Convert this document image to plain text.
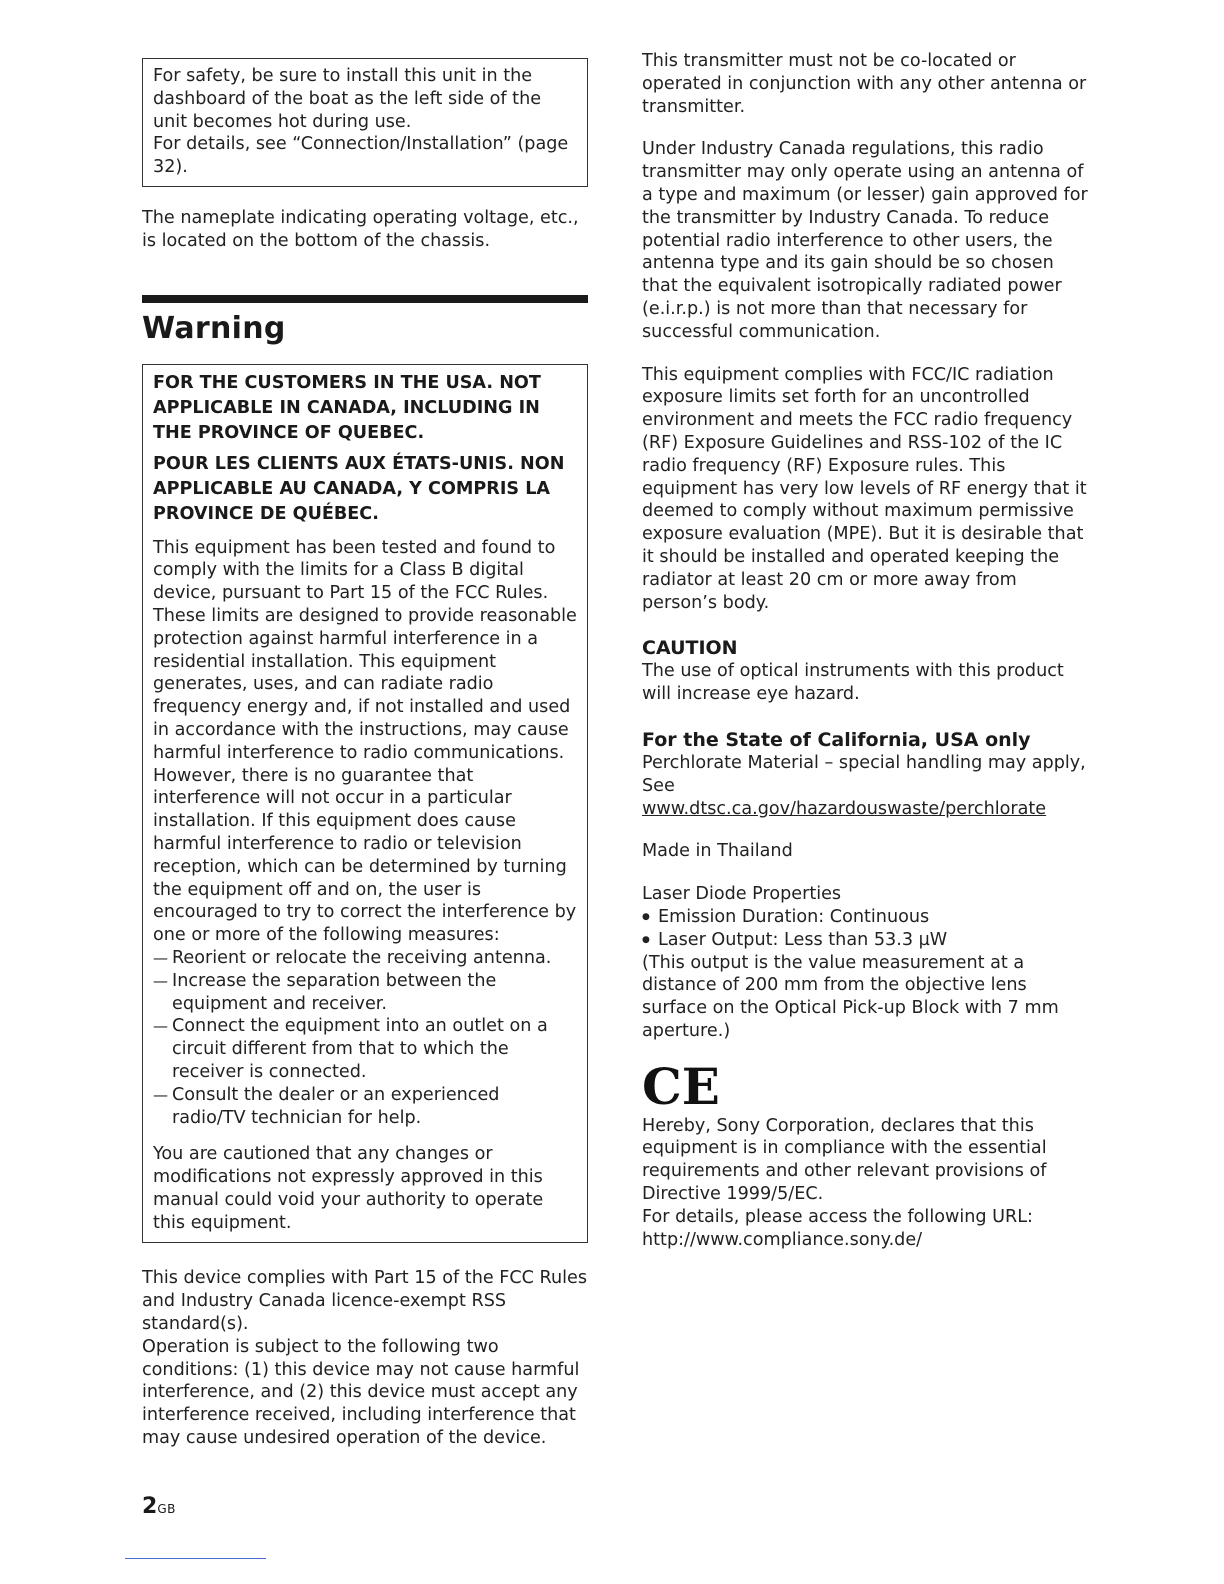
For safety, be sure to install this unit in the dashboard of the boat as the left side of the unit becomes hot during use.

For details, see “Connection/Installation” (page 32).

The nameplate indicating operating voltage, etc., is located on the bottom of the chassis.

Warning

FOR THE CUSTOMERS IN THE USA. NOT APPLICABLE IN CANADA, INCLUDING IN THE PROVINCE OF QUEBEC.

POUR LES CLIENTS AUX ÉTATS-UNIS. NON APPLICABLE AU CANADA, Y COMPRIS LA PROVINCE DE QUÉBEC.

This equipment has been tested and found to comply with the limits for a Class B digital device, pursuant to Part 15 of the FCC Rules.

These limits are designed to provide reasonable protection against harmful interference in a residential installation. This equipment generates, uses, and can radiate radio frequency energy and, if not installed and used in accordance with the instructions, may cause harmful interference to radio communications. However, there is no guarantee that interference will not occur in a particular installation. If this equipment does cause harmful interference to radio or television reception, which can be determined by turning the equipment off and on, the user is encouraged to try to correct the interference by one or more of the following measures:

— Reorient or relocate the receiving antenna.
— Increase the separation between the equipment and receiver.
— Connect the equipment into an outlet on a circuit different from that to which the receiver is connected.
— Consult the dealer or an experienced radio/TV technician for help.

You are cautioned that any changes or modifications not expressly approved in this manual could void your authority to operate this equipment.

This device complies with Part 15 of the FCC Rules and Industry Canada licence-exempt RSS standard(s).

Operation is subject to the following two conditions: (1) this device may not cause harmful interference, and (2) this device must accept any interference received, including interference that may cause undesired operation of the device.

2GB

This transmitter must not be co-located or operated in conjunction with any other antenna or transmitter.

Under Industry Canada regulations, this radio transmitter may only operate using an antenna of a type and maximum (or lesser) gain approved for the transmitter by Industry Canada. To reduce potential radio interference to other users, the antenna type and its gain should be so chosen that the equivalent isotropically radiated power (e.i.r.p.) is not more than that necessary for successful communication.

This equipment complies with FCC/IC radiation exposure limits set forth for an uncontrolled environment and meets the FCC radio frequency (RF) Exposure Guidelines and RSS-102 of the IC radio frequency (RF) Exposure rules. This equipment has very low levels of RF energy that it deemed to comply without maximum permissive exposure evaluation (MPE). But it is desirable that it should be installed and operated keeping the radiator at least 20 cm or more away from person’s body.

CAUTION

The use of optical instruments with this product will increase eye hazard.

For the State of California, USA only

Perchlorate Material – special handling may apply, See

www.dtsc.ca.gov/hazardouswaste/perchlorate

Made in Thailand

Laser Diode Properties

● Emission Duration: Continuous
● Laser Output: Less than 53.3 µW

(This output is the value measurement at a distance of 200 mm from the objective lens surface on the Optical Pick-up Block with 7 mm aperture.)

CE

Hereby, Sony Corporation, declares that this equipment is in compliance with the essential requirements and other relevant provisions of Directive 1999/5/EC.

For details, please access the following URL:

http://www.compliance.sony.de/
